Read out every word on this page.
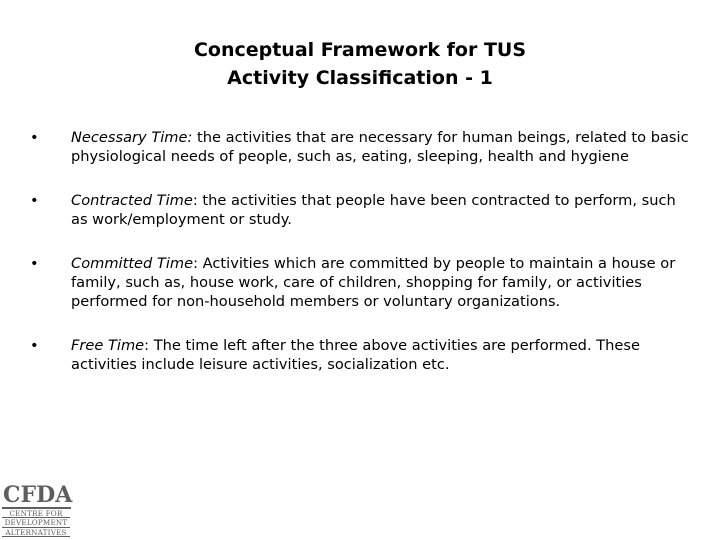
Conceptual Framework for TUS
Activity Classification - 1
• Necessary Time: the activities that are necessary for human beings, related to basic physiological needs of people, such as, eating, sleeping, health and hygiene
• Contracted Time: the activities that people have been contracted to perform, such as work/employment or study.
• Committed Time: Activities which are committed by people to maintain a house or family, such as, house work, care of children, shopping for family, or activities performed for non-household members or voluntary organizations.
• Free Time: The time left after the three above activities are performed. These activities include leisure activities, socialization etc.
CFDA
CENTRE FOR
DEVELOPMENT
ALTERNATIVES
